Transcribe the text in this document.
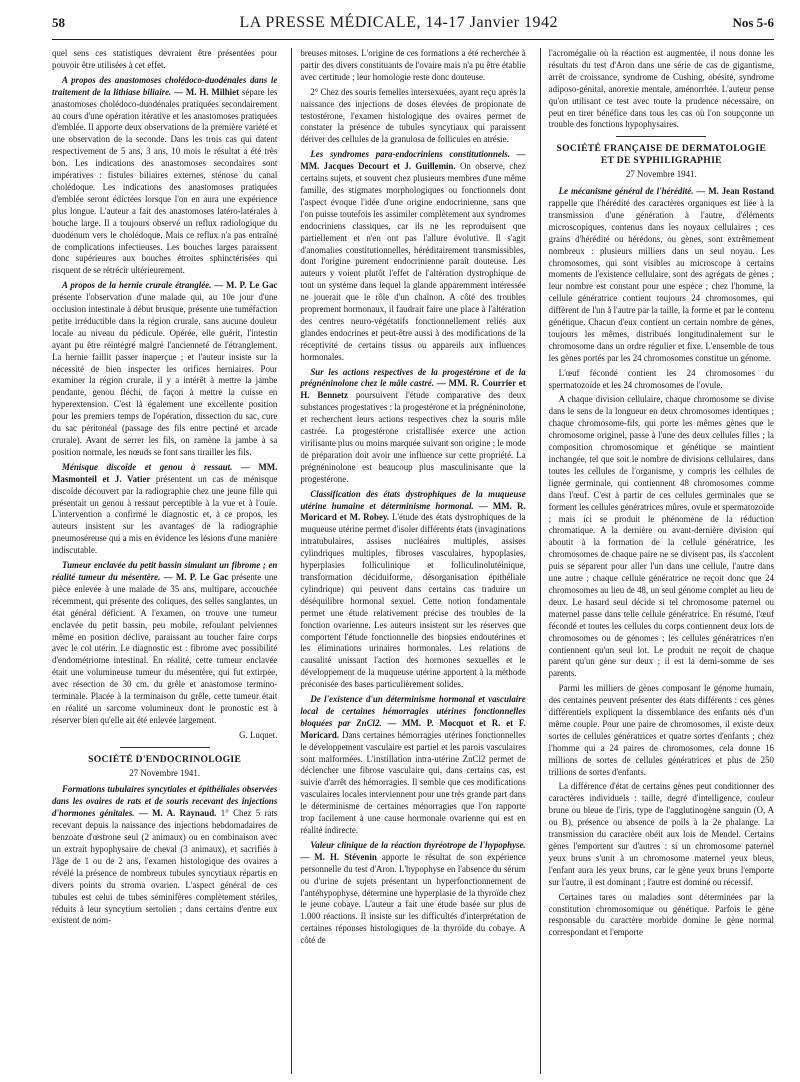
58	LA PRESSE MÉDICALE, 14-17 Janvier 1942	Nos 5-6

quel sens ces statistiques devraient être présentées pour pouvoir être utilisées à cet effet.

A propos des anastomoses cholédoco-duodénales dans le traitement de la lithiase biliaire. — M. H. Milhiet sépare les anastomoses cholédoco-duodénales pratiquées secondairement au cours d'une opération itérative et les anastomoses pratiquées d'emblée. Il apporte deux observations de la première variété et une observation de la seconde. Dans les trois cas qui datent respectivement de 5 ans, 3 ans, 10 mois le résultat a été très bon. Les indications des anastomoses secondaires sont impératives : fistules biliaires externes, sténose du canal cholédoque. Les indications des anastomoses pratiquées d'emblée seront édictées lorsque l'on en aura une expérience plus longue. L'auteur a fait des anastomoses latéro-latérales à bouche large. Il a toujours observé un reflux radiologique du duodénum vers le cholédoque. Mais ce reflux n'a pas entraîné de complications infectieuses. Les bouches larges paraissent donc supérieures aux bouches étroites sphinctérisées qui risquent de se rétrécir ultérieurement.

A propos de la hernie crurale étranglée. — M. P. Le Gac présente l'observation d'une malade qui, au 10e jour d'une occlusion intestinale à début brusque, présente une tuméfaction petite irréductible dans la région crurale, sans aucune douleur locale au niveau du pédicule. Opérée, elle guérit, l'intestin ayant pu être réintégré malgré l'ancienneté de l'étranglement. La hernie faillit passer inaperçue ; et l'auteur insiste sur la nécessité de bien inspecter les orifices herniaires. Pour examiner la région crurale, il y a intérêt à mettre la jambe pendante, genou fléchi, de façon à mettre la cuisse en hyperextension. C'est là également une excellente position pour les premiers temps de l'opération, dissection du sac, cure du sac péritonéal (passage des fils entre pectiné et arcade crurale). Avant de serrer les fils, on ramène la jambe à sa position normale, les nœuds se font sans tirailler les fils.

Ménisque discoïde et genou à ressaut. — MM. Masmonteil et J. Vatier présentent un cas de ménisque discoïde découvert par la radiographie chez une jeune fille qui présentait un genou à ressaut perceptible à la vue et à l'ouïe. L'intervention a confirmé le diagnostic et, à ce propos, les auteurs insistent sur les avantages de la radiographie pneumoséreuse qui a mis en évidence les lésions d'une manière indiscutable.

Tumeur enclavée du petit bassin simulant un fibrome ; en réalité tumeur du mésentère. — M. P. Le Gac présente une pièce enlevée à une malade de 35 ans, multipare, accouchée récemment, qui présente des coliques, des selles sanglantes, un état général déficient. A l'examen, on trouve une tumeur enclavée du petit bassin, peu mobile, refoulant pelviennes même en position déclive, paraissant au toucher faire corps avec le col utérin. Le diagnostic est : fibrome avec possibilité d'endométriome intestinal. En réalité, cette tumeur enclavée était une volumineuse tumeur du mésentère, qui fut extirpée, avec résection de 30 cm. du grêle et anastomose termino-terminale. Placée à la terminaison du grêle, cette tumeur était en réalité un sarcome volumineux dont le pronostic est à réserver bien qu'elle ait été enlevée largement.

G. Luquet.

SOCIÉTÉ D'ENDOCRINOLOGIE

27 Novembre 1941.

Formations tubulaires syncytiales et épithéliales observées dans les ovaires de rats et de souris recevant des injections d'hormones génitales. — M. A. Raynaud. 1° Chez 5 rats recevant depuis la naissance des injections hebdomadaires de benzoate d'œstrone seul (2 animaux) ou en combinaison avec un extrait hypophysaire de cheval (3 animaux), et sacrifiés à l'âge de 1 ou de 2 ans, l'examen histologique des ovaires a révélé la présence de nombreux tubules syncytiaux répartis en divers points du stroma ovarien. L'aspect général de ces tubules est celui de tubes séminifères complètement stériles, réduits à leur syncytium sertolien ; dans certains d'entre eux existent de nom-

breuses mitoses. L'origine de ces formations a été recherchée à partir des divers constituants de l'ovaire mais n'a pu être établie avec certitude ; leur homologie reste donc douteuse.

2° Chez des souris femelles intersexuées, ayant reçu après la naissance des injections de doses élevées de propionate de testostérone, l'examen histologique des ovaires permet de constater la présence de tubules syncytiaux qui paraissent dériver des cellules de la granulosa de follicules en atrésie.

Les syndromes para-endocriniens constitutionnels. — MM. Jacques Decourt et J. Guillemin. On observe, chez certains sujets, et souvent chez plusieurs membres d'une même famille, des stigmates morphologiques ou fonctionnels dont l'aspect évoque l'idée d'une origine endocrinienne, sans que l'on puisse toutefois les assimiler complètement aux syndromes endocriniens classiques, car ils ne les reproduisent que partiellement et n'en ont pas l'allure évolutive. Il s'agit d'anomalies constitutionnelles, héréditairement transmissibles, dont l'origine purement endocrinienne paraît douteuse. Les auteurs y voient plutôt l'effet de l'altération dystrophique de tout un système dans lequel la glande apparemment intéressée ne jouerait que le rôle d'un chaînon. A côté des troubles proprement hormonaux, il faudrait faire une place à l'altération des centres neuro-végétatifs fonctionnellement reliés aux glandes endocrines et peut-être aussi à des modifications de la réceptivité de certains tissus ou appareils aux influences hormonales.

Sur les actions respectives de la progestérone et de la prégnéninolone chez le mâle castré. — MM. R. Courrier et H. Bennetz poursuivent l'étude comparative des deux substances progestatives : la progestérone et la prégnéninolone, et recherchent leurs actions respectives chez la souris mâle castrée. La progestérone cristallisée exerce une action virilisante plus ou moins marquée suivant son origine ; le mode de préparation doit avoir une influence sur cette propriété. La prégnéninolone est beaucoup plus masculinisante que la progestérone.

Classification des états dystrophiques de la muqueuse utérine humaine et déterminisme hormonal. — MM. R. Moricard et M. Robey. L'étude des états dystrophiques de la muqueuse utérine permet d'isoler différents états (invaginations intratubulaires, assises nucléaires multiples, assises cylindriques multiples, fibroses vasculaires, hypoplasies, hyperplasies folliculinique et folliculinolutéinique, transformation déciduiforme, désorganisation épithéliale cylindrique) qui peuvent dans certains cas traduire un déséquilibre hormonal sexuel. Cette notion fondamentale permet une étude relativement précise des troubles de la fonction ovarienne. Les auteurs insistent sur les réserves que comportent l'étude fonctionnelle des biopsies endoutérines et les éliminations urinaires hormonales. Les relations de causalité unissant l'action des hormones sexuelles et le développement de la muqueuse utérine apportent à la méthode préconisée des bases particulièrement solides.

De l'existence d'un déterminisme hormonal et vasculaire local de certaines hémorragies utérines fonctionnelles bloquées par ZnCl2. — MM. P. Mocquot et R. et F. Moricard. Dans certaines hémorragies utérines fonctionnelles le développement vasculaire est partiel et les parois vasculaires sont malformées. L'instillation intra-utérine ZnCl2 permet de déclencher une fibrose vasculaire qui, dans certains cas, est suivie d'arrêt des hémorragies. Il semble que ces modifications vasculaires locales interviennent pour une très grande part dans le déterminisme de certaines ménorragies que l'on rapporte trop facilement à une cause hormonale ovarienne qui est en réalité indirecte.

Valeur clinique de la réaction thyréotrope de l'hypophyse. — M. H. Stévenin apporte le résultat de son expérience personnelle du test d'Aron. L'hypophyse en l'absence du sérum ou d'urine de sujets présentant un hyperfonctionnement de l'antéhypophyse, détermine une hyperplasie de la thyroïde chez le jeune cobaye. L'auteur a fait une étude basée sur plus de 1.000 réactions. Il insiste sur les difficultés d'interprétation de certaines réponses histologiques de la thyroïde du cobaye. A côté de

l'acromégalie où la réaction est augmentée, il nous donne les résultats du test d'Aron dans une série de cas de gigantisme, arrêt de croissance, syndrome de Cushing, obésité, syndrome adiposo-génital, anorexie mentale, aménorrhée. L'auteur pense qu'on utilisant ce test avec toute la prudence nécessaire, on peut en tirer bénéfice dans tous les cas où l'on soupçonne un trouble des fonctions hypophysaires.

SOCIÉTÉ FRANÇAISE DE DERMATOLOGIE ET DE SYPHILIGRAPHIE

27 Novembre 1941.

Le mécanisme général de l'hérédité. — M. Jean Rostand rappelle que l'hérédité des caractères organiques est liée à la transmission d'une génération à l'autre, d'éléments microscopiques, contenus dans les noyaux cellulaires ; ces grains d'hérédité ou hérédons, ou gènes, sont extrêmement nombreux : plusieurs milliers dans un seul noyau. Les chromosomes, qui sont visibles au microscope à certains moments de l'existence cellulaire, sont des agrégats de gènes ; leur nombre est constant pour une espèce ; chez l'homme, la cellule génératrice contient toujours 24 chromosomes, qui diffèrent de l'un à l'autre par la taille, la forme et par le contenu génétique. Chacun d'eux contient un certain nombre de gènes, toujours les mêmes, distribués longitudinalement sur le chromosome dans un ordre régulier et fixe. L'ensemble de tous les gènes portés par les 24 chromosomes constitue un génome.

L'œuf fécondé contient les 24 chromosomes du spermatozoïde et les 24 chromosomes de l'ovule.

A chaque division cellulaire, chaque chromosome se divise dans le sens de la longueur en deux chromosomes identiques ; chaque chromosome-fils, qui porte les mêmes gènes que le chromosome originel, passe à l'une des deux cellules filles ; la composition chromosomique et génétique se maintient inchangée, tel que soit le nombre de divisions cellulaires, dans toutes les cellules de l'organisme, y compris les cellules de lignée germinale, qui contiennent 48 chromosomes comme dans l'œuf. C'est à partir de ces cellules germinales que se forment les cellules génératrices mûres, ovule et spermatozoïde ; mais ici se produit le phénomène de la réduction chromatique. A la dernière ou avant-dernière division qui aboutit à la formation de la cellule génératrice, les chromosomes de chaque paire ne se divisent pas, ils s'accolent puis se séparent pour aller l'un dans une cellule, l'autre dans une autre ; chaque cellule génératrice ne reçoit donc que 24 chromosomes au lieu de 48, un seul génome complet au lieu de deux. Le hasard seul décide si tel chromosome paternel ou maternel passe dans telle cellule génératrice. En résumé, l'œuf fécondé et toutes les cellules du corps contiennent deux lots de chromosomes ou de génomes ; les cellules génératrices n'en contiennent qu'un seul lot. Le produit ne reçoit de chaque parent qu'un gène sur deux ; il est la demi-somme de ses parents.

Parmi les milliers de gènes composant le génome humain, des centaines peuvent présenter des états différents : ces gènes différentiels expliquent la dissemblance des enfants nés d'un même couple. Pour une paire de chromosomes, il existe deux sortes de cellules génératrices et quatre sortes d'enfants ; chez l'homme qui a 24 paires de chromosomes, cela donne 16 millions de sortes de cellules génératrices et plus de 250 trillions de sortes d'enfants.

La différence d'état de certains gènes peut conditionner des caractères individuels : taille, degré d'intelligence, couleur brune ou bleue de l'iris, type de l'agglutinogène sanguin (O, A ou B), présence ou absence de poils à la 2e phalange. La transmission du caractère obéit aux lois de Mendel. Certains gènes l'emportent sur d'autres : si un chromosome paternel yeux bruns s'unit à un chromosome maternel yeux bleus, l'enfant aura les yeux bruns, car le gène yeux bruns l'emporte sur l'autre, il est dominant ; l'autre est dominé ou récessif.

Certaines tares ou maladies sont déterminées par la constitution chromosomique ou génétique. Parfois le gène responsable du caractère morbide domine le gène normal correspondant et l'emporte
